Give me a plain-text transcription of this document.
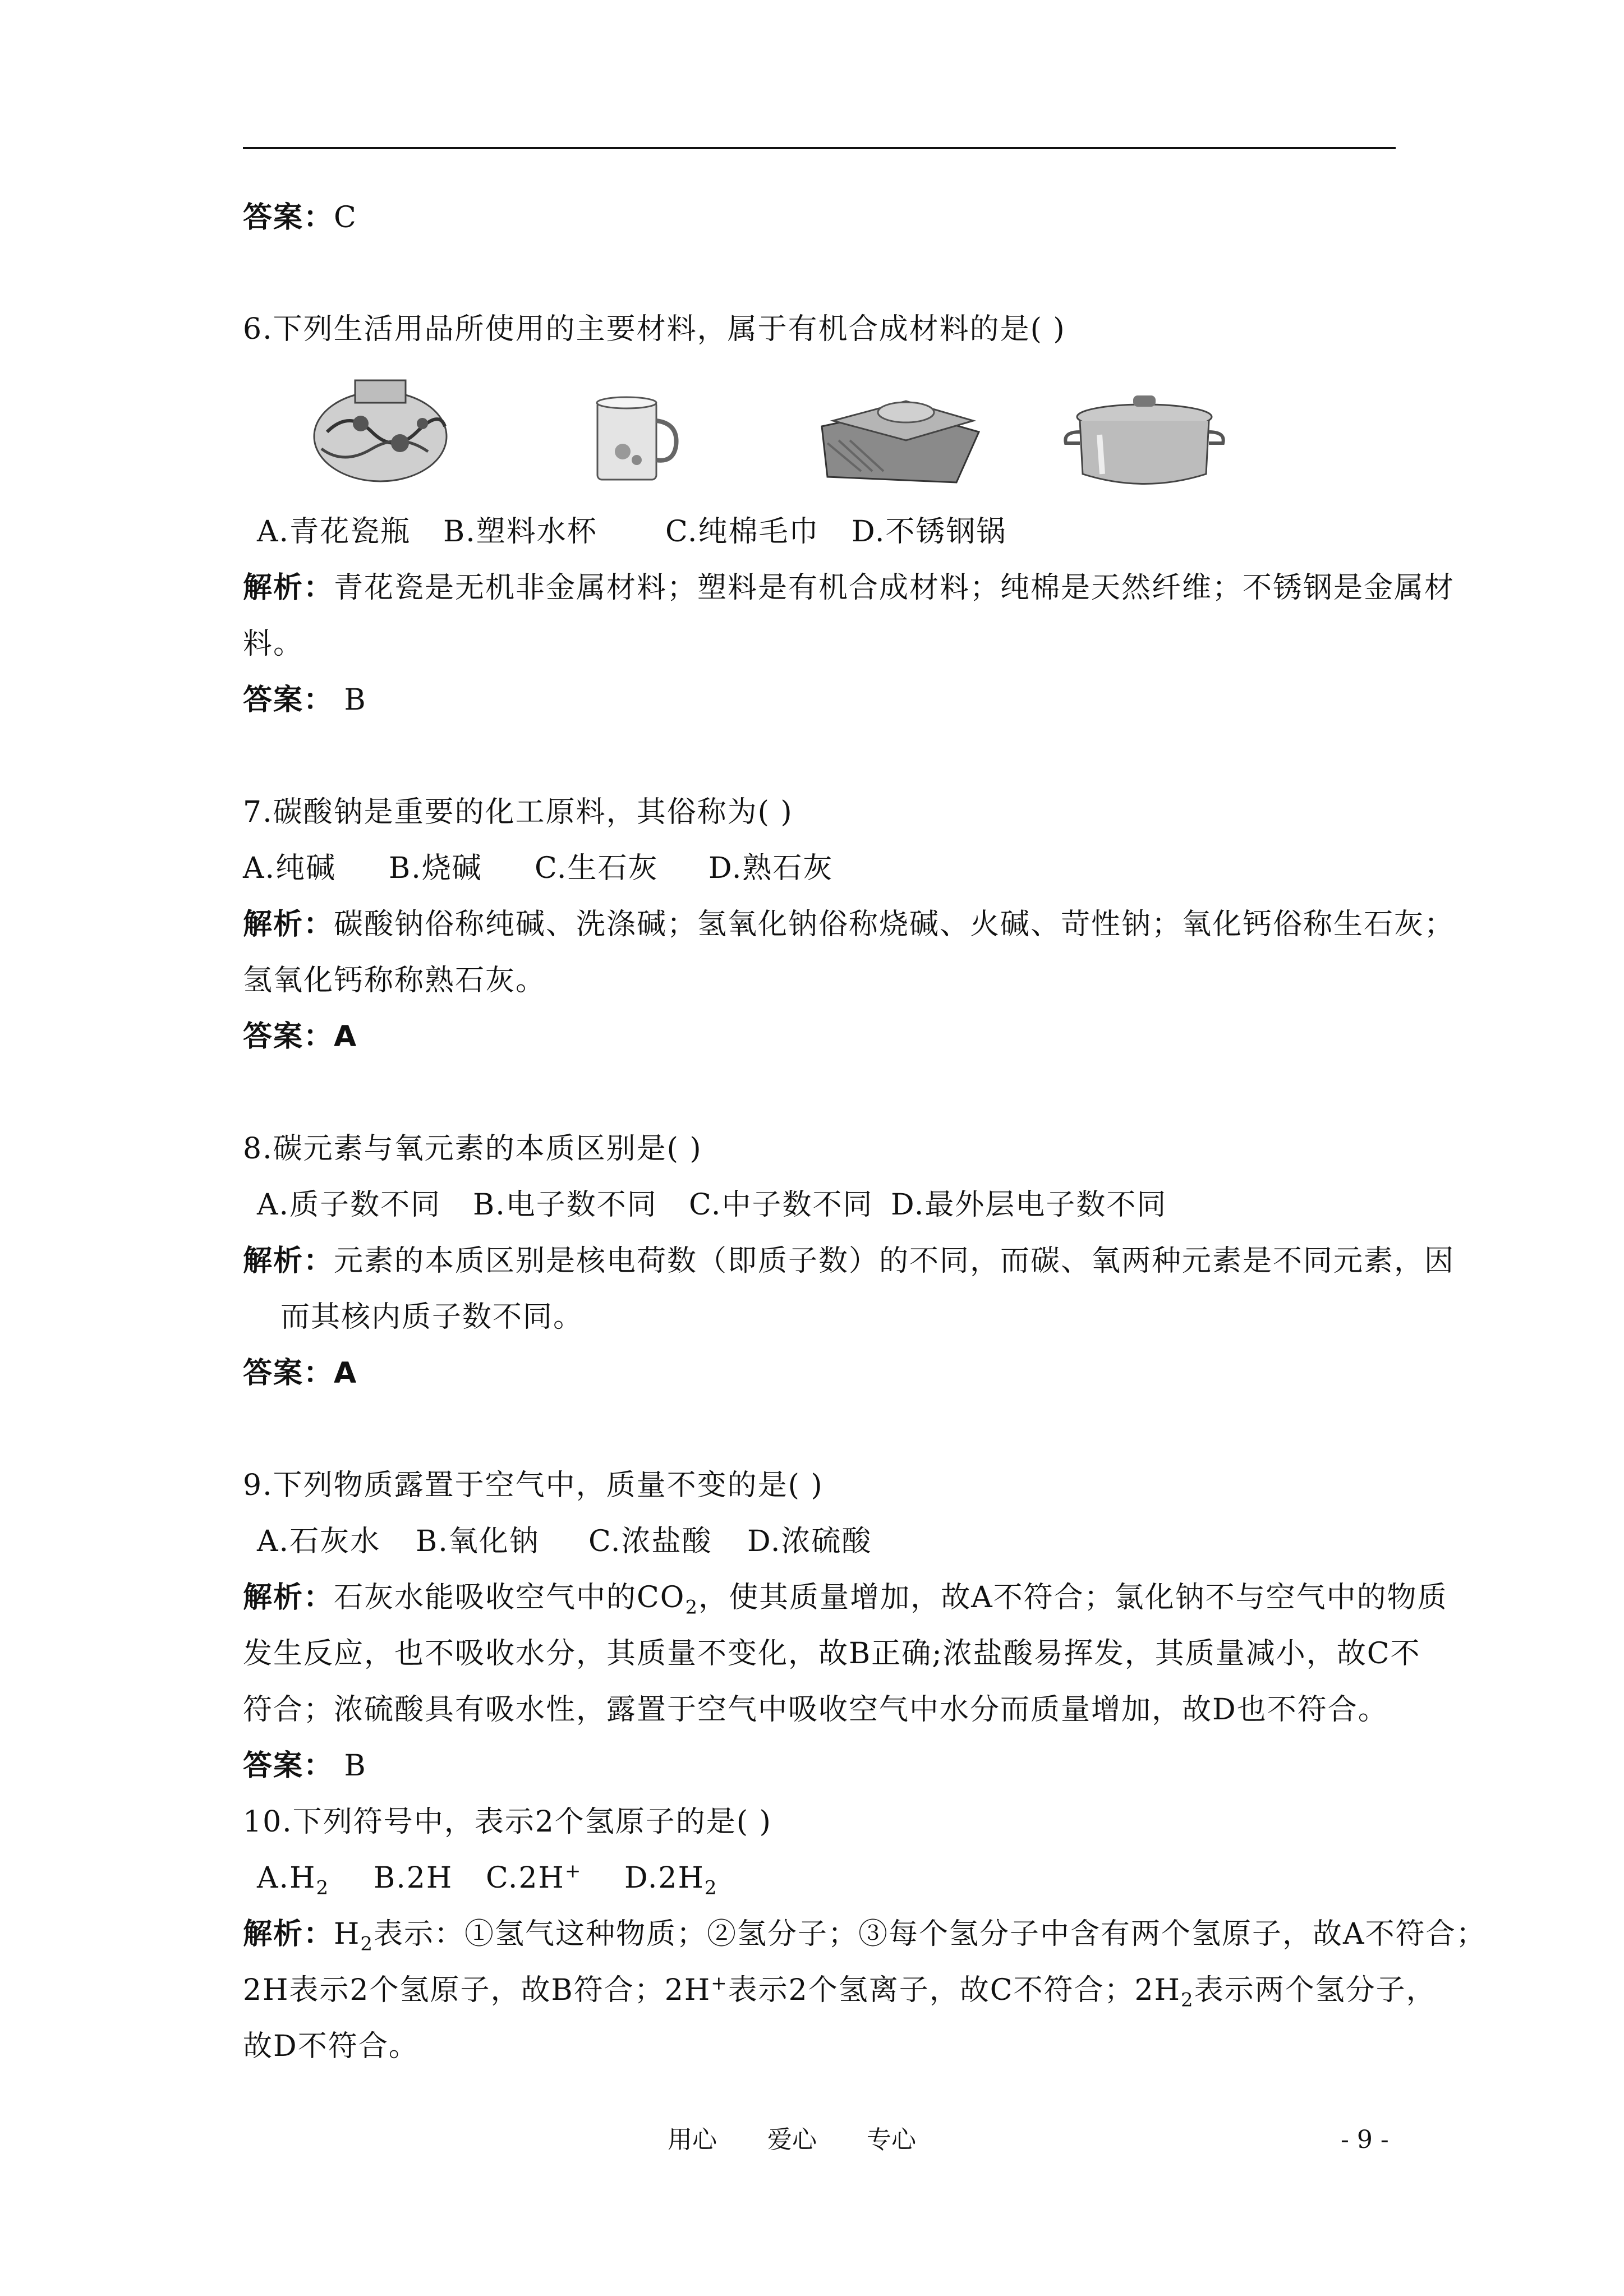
答案：C
6.下列生活用品所使用的主要材料，属于有机合成材料的是( )
A.青花瓷瓶 B.塑料水杯 C.纯棉毛巾 D.不锈钢锅
解析：青花瓷是无机非金属材料；塑料是有机合成材料；纯棉是天然纤维；不锈钢是金属材
料。
答案： B
7.碳酸钠是重要的化工原料，其俗称为( )
A.纯碱 B.烧碱 C.生石灰 D.熟石灰
解析：碳酸钠俗称纯碱、洗涤碱；氢氧化钠俗称烧碱、火碱、苛性钠；氧化钙俗称生石灰；
氢氧化钙称称熟石灰。
答案：A
8.碳元素与氧元素的本质区别是( )
A.质子数不同 B.电子数不同 C.中子数不同 D.最外层电子数不同
解析：元素的本质区别是核电荷数（即质子数）的不同，而碳、氧两种元素是不同元素，因
而其核内质子数不同。
答案：A
9.下列物质露置于空气中，质量不变的是( )
A.石灰水 B.氧化钠 C.浓盐酸 D.浓硫酸
解析：石灰水能吸收空气中的$CO_2$，使其质量增加，故A不符合；氯化钠不与空气中的物质
发生反应，也不吸收水分，其质量不变化，故B正确;浓盐酸易挥发，其质量减小，故C不
符合；浓硫酸具有吸水性，露置于空气中吸收空气中水分而质量增加，故D也不符合。
答案： B
10.下列符号中，表示2个氢原子的是( )
$A.H_2$ B.2H C.2H+ $D.2H_2$
解析：$H_2$表示：①氢气这种物质；②氢分子；③每个氢分子中含有两个氢原子，故A不符合；
2H表示2个氢原子，故B符合；2H+表示2个氢离子，故C不符合；$2H_2$表示两个氢分子，
故D不符合。
用心 爱心 专心	- 9 -
